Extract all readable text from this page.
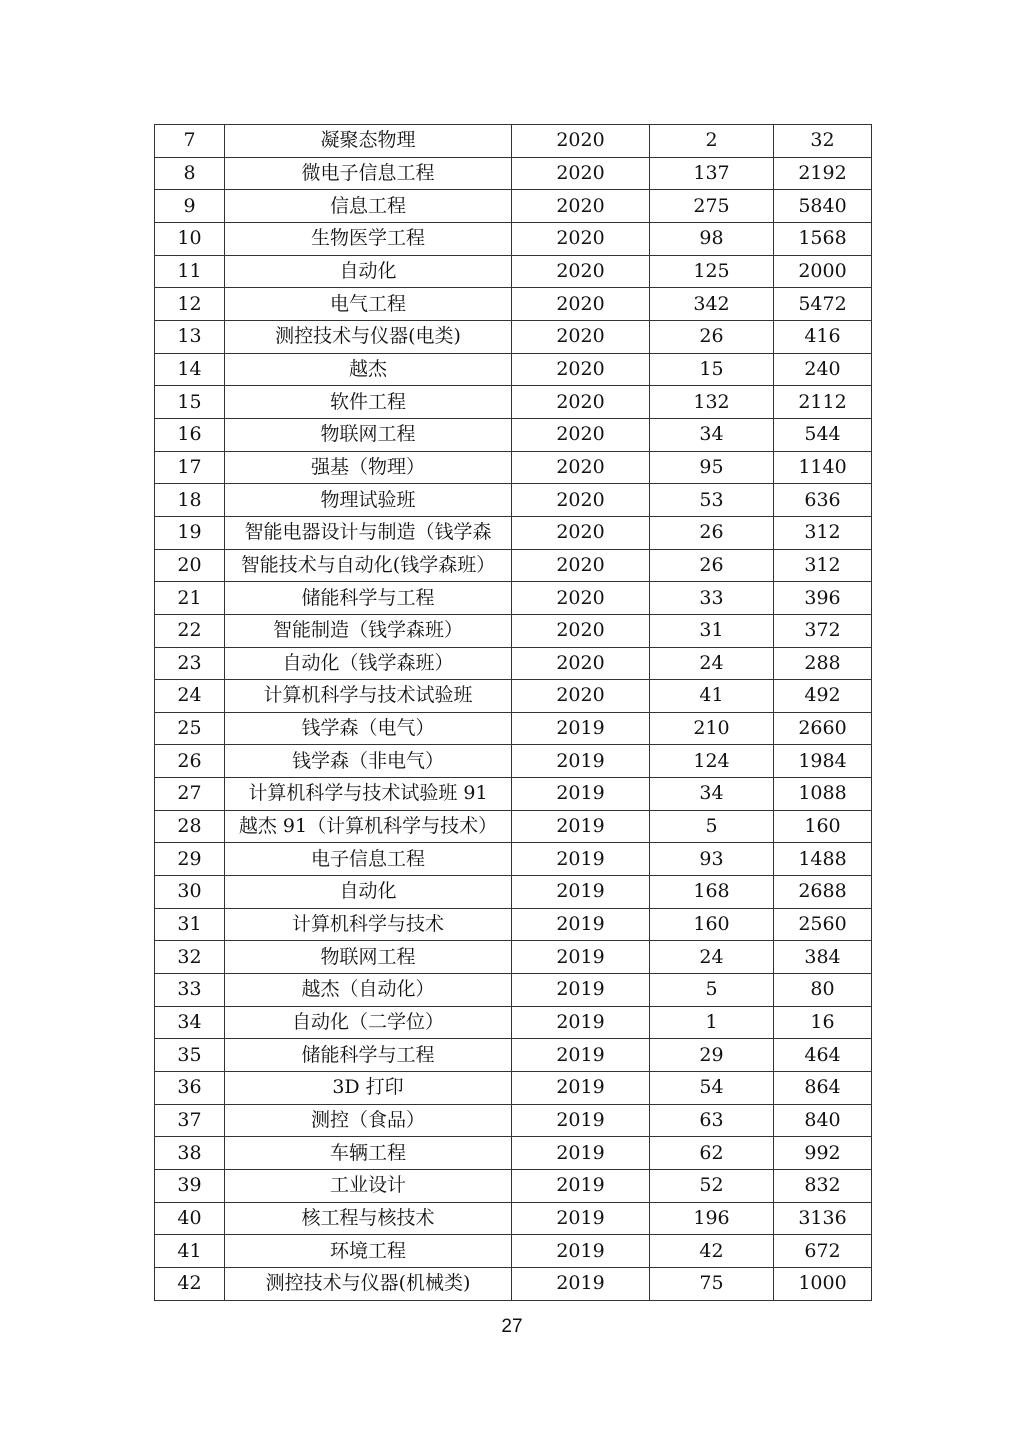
7	凝聚态物理	2020	2	32
8	微电子信息工程	2020	137	2192
9	信息工程	2020	275	5840
10	生物医学工程	2020	98	1568
11	自动化	2020	125	2000
12	电气工程	2020	342	5472
13	测控技术与仪器(电类)	2020	26	416
14	越杰	2020	15	240
15	软件工程	2020	132	2112
16	物联网工程	2020	34	544
17	强基（物理）	2020	95	1140
18	物理试验班	2020	53	636
19	智能电器设计与制造（钱学森	2020	26	312
20	智能技术与自动化(钱学森班）	2020	26	312
21	储能科学与工程	2020	33	396
22	智能制造（钱学森班）	2020	31	372
23	自动化（钱学森班）	2020	24	288
24	计算机科学与技术试验班	2020	41	492
25	钱学森（电气）	2019	210	2660
26	钱学森（非电气）	2019	124	1984
27	计算机科学与技术试验班 91	2019	34	1088
28	越杰 91（计算机科学与技术）	2019	5	160
29	电子信息工程	2019	93	1488
30	自动化	2019	168	2688
31	计算机科学与技术	2019	160	2560
32	物联网工程	2019	24	384
33	越杰（自动化）	2019	5	80
34	自动化（二学位）	2019	1	16
35	储能科学与工程	2019	29	464
36	3D 打印	2019	54	864
37	测控（食品）	2019	63	840
38	车辆工程	2019	62	992
39	工业设计	2019	52	832
40	核工程与核技术	2019	196	3136
41	环境工程	2019	42	672
42	测控技术与仪器(机械类)	2019	75	1000
27
